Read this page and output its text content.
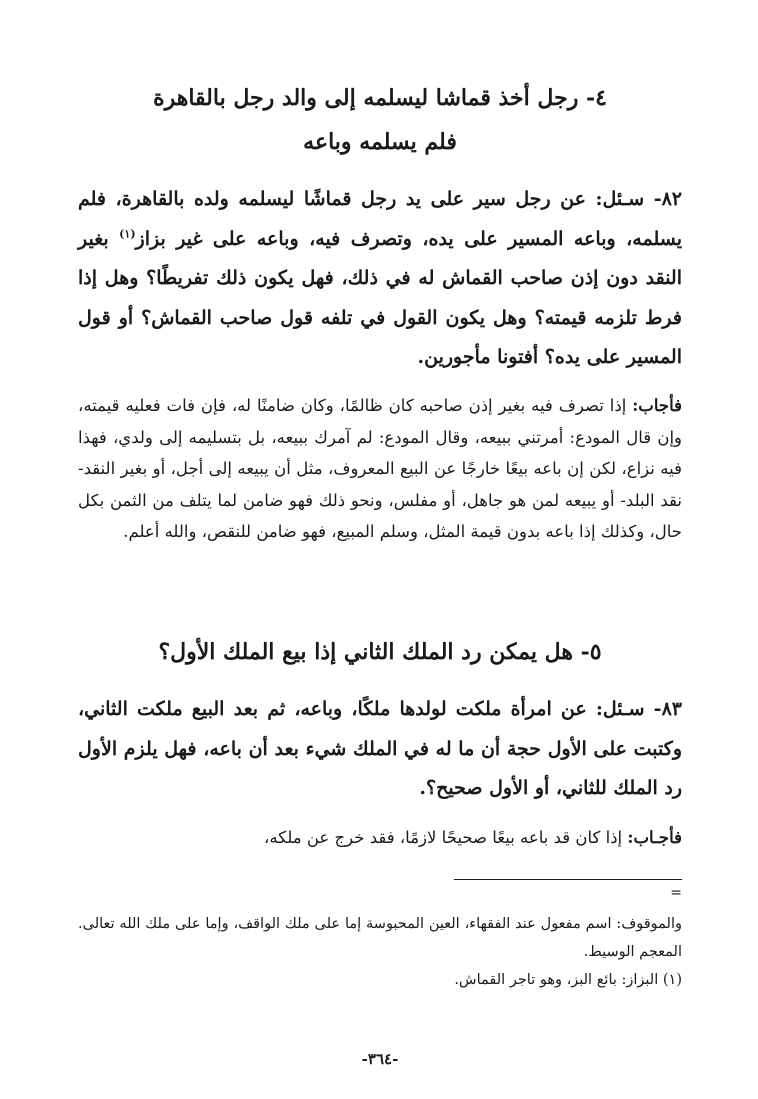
٤- رجل أخذ قماشا ليسلمه إلى والد رجل بالقاهرة
فلم يسلمه وباعه
٨٢- سـئل: عن رجل سير على يد رجل قماشًا ليسلمه ولده بالقاهرة، فلم يسلمه، وباعه المسير على يده، وتصرف فيه، وباعه على غير بزاز$^{(١)}$ بغير النقد دون إذن صاحب القماش له في ذلك، فهل يكون ذلك تفريطًا؟ وهل إذا فرط تلزمه قيمته؟ وهل يكون القول في تلفه قول صاحب القماش؟ أو قول المسير على يده؟ أفتونا مأجورين.
فأجاب: إذا تصرف فيه بغير إذن صاحبه كان ظالمًا، وكان ضامنًا له، فإن فات فعليه قيمته، وإن قال المودع: أمرتني ببيعه، وقال المودع: لم آمرك ببيعه، بل بتسليمه إلى ولدي، فهذا فيه نزاع، لكن إن باعه بيعًا خارجًا عن البيع المعروف، مثل أن يبيعه إلى أجل، أو بغير النقد- نقد البلد- أو يبيعه لمن هو جاهل، أو مفلس، ونحو ذلك فهو ضامن لما يتلف من الثمن بكل حال، وكذلك إذا باعه بدون قيمة المثل، وسلم المبيع، فهو ضامن للنقص، والله أعلم.
٥- هل يمكن رد الملك الثاني إذا بيع الملك الأول؟
٨٣- سـئل: عن امرأة ملكت لولدها ملكًا، وباعه، ثم بعد البيع ملكت الثاني، وكتبت على الأول حجة أن ما له في الملك شيء بعد أن باعه، فهل يلزم الأول رد الملك للثاني، أو الأول صحيح؟.
فأجـاب: إذا كان قد باعه بيعًا صحيحًا لازمًا، فقد خرج عن ملكه،
=

والموقوف: اسم مفعول عند الفقهاء، العين المحبوسة إما على ملك الواقف، وإما على ملك الله تعالى. المعجم الوسيط.

(١) البزاز: بائع البز، وهو تاجر القماش.

-٣٦٤-
